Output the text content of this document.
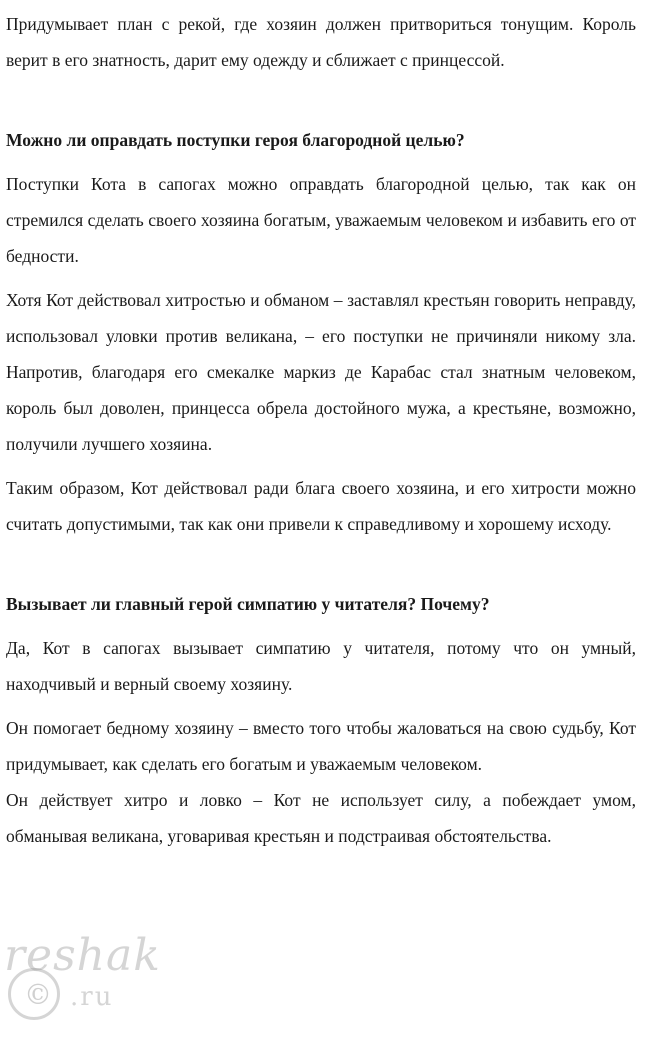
reshak
© .ru

Придумывает план с рекой, где хозяин должен притвориться тонущим. Король верит в его знатность, дарит ему одежду и сближает с принцессой.

Можно ли оправдать поступки героя благородной целью?

Поступки Кота в сапогах можно оправдать благородной целью, так как он стремился сделать своего хозяина богатым, уважаемым человеком и избавить его от бедности.

Хотя Кот действовал хитростью и обманом – заставлял крестьян говорить неправду, использовал уловки против великана, – его поступки не причиняли никому зла. Напротив, благодаря его смекалке маркиз де Карабас стал знатным человеком, король был доволен, принцесса обрела достойного мужа, а крестьяне, возможно, получили лучшего хозяина.

Таким образом, Кот действовал ради блага своего хозяина, и его хитрости можно считать допустимыми, так как они привели к справедливому и хорошему исходу.

Вызывает ли главный герой симпатию у читателя? Почему?

Да, Кот в сапогах вызывает симпатию у читателя, потому что он умный, находчивый и верный своему хозяину.

Он помогает бедному хозяину – вместо того чтобы жаловаться на свою судьбу, Кот придумывает, как сделать его богатым и уважаемым человеком.

Он действует хитро и ловко – Кот не использует силу, а побеждает умом, обманывая великана, уговаривая крестьян и подстраивая обстоятельства.
